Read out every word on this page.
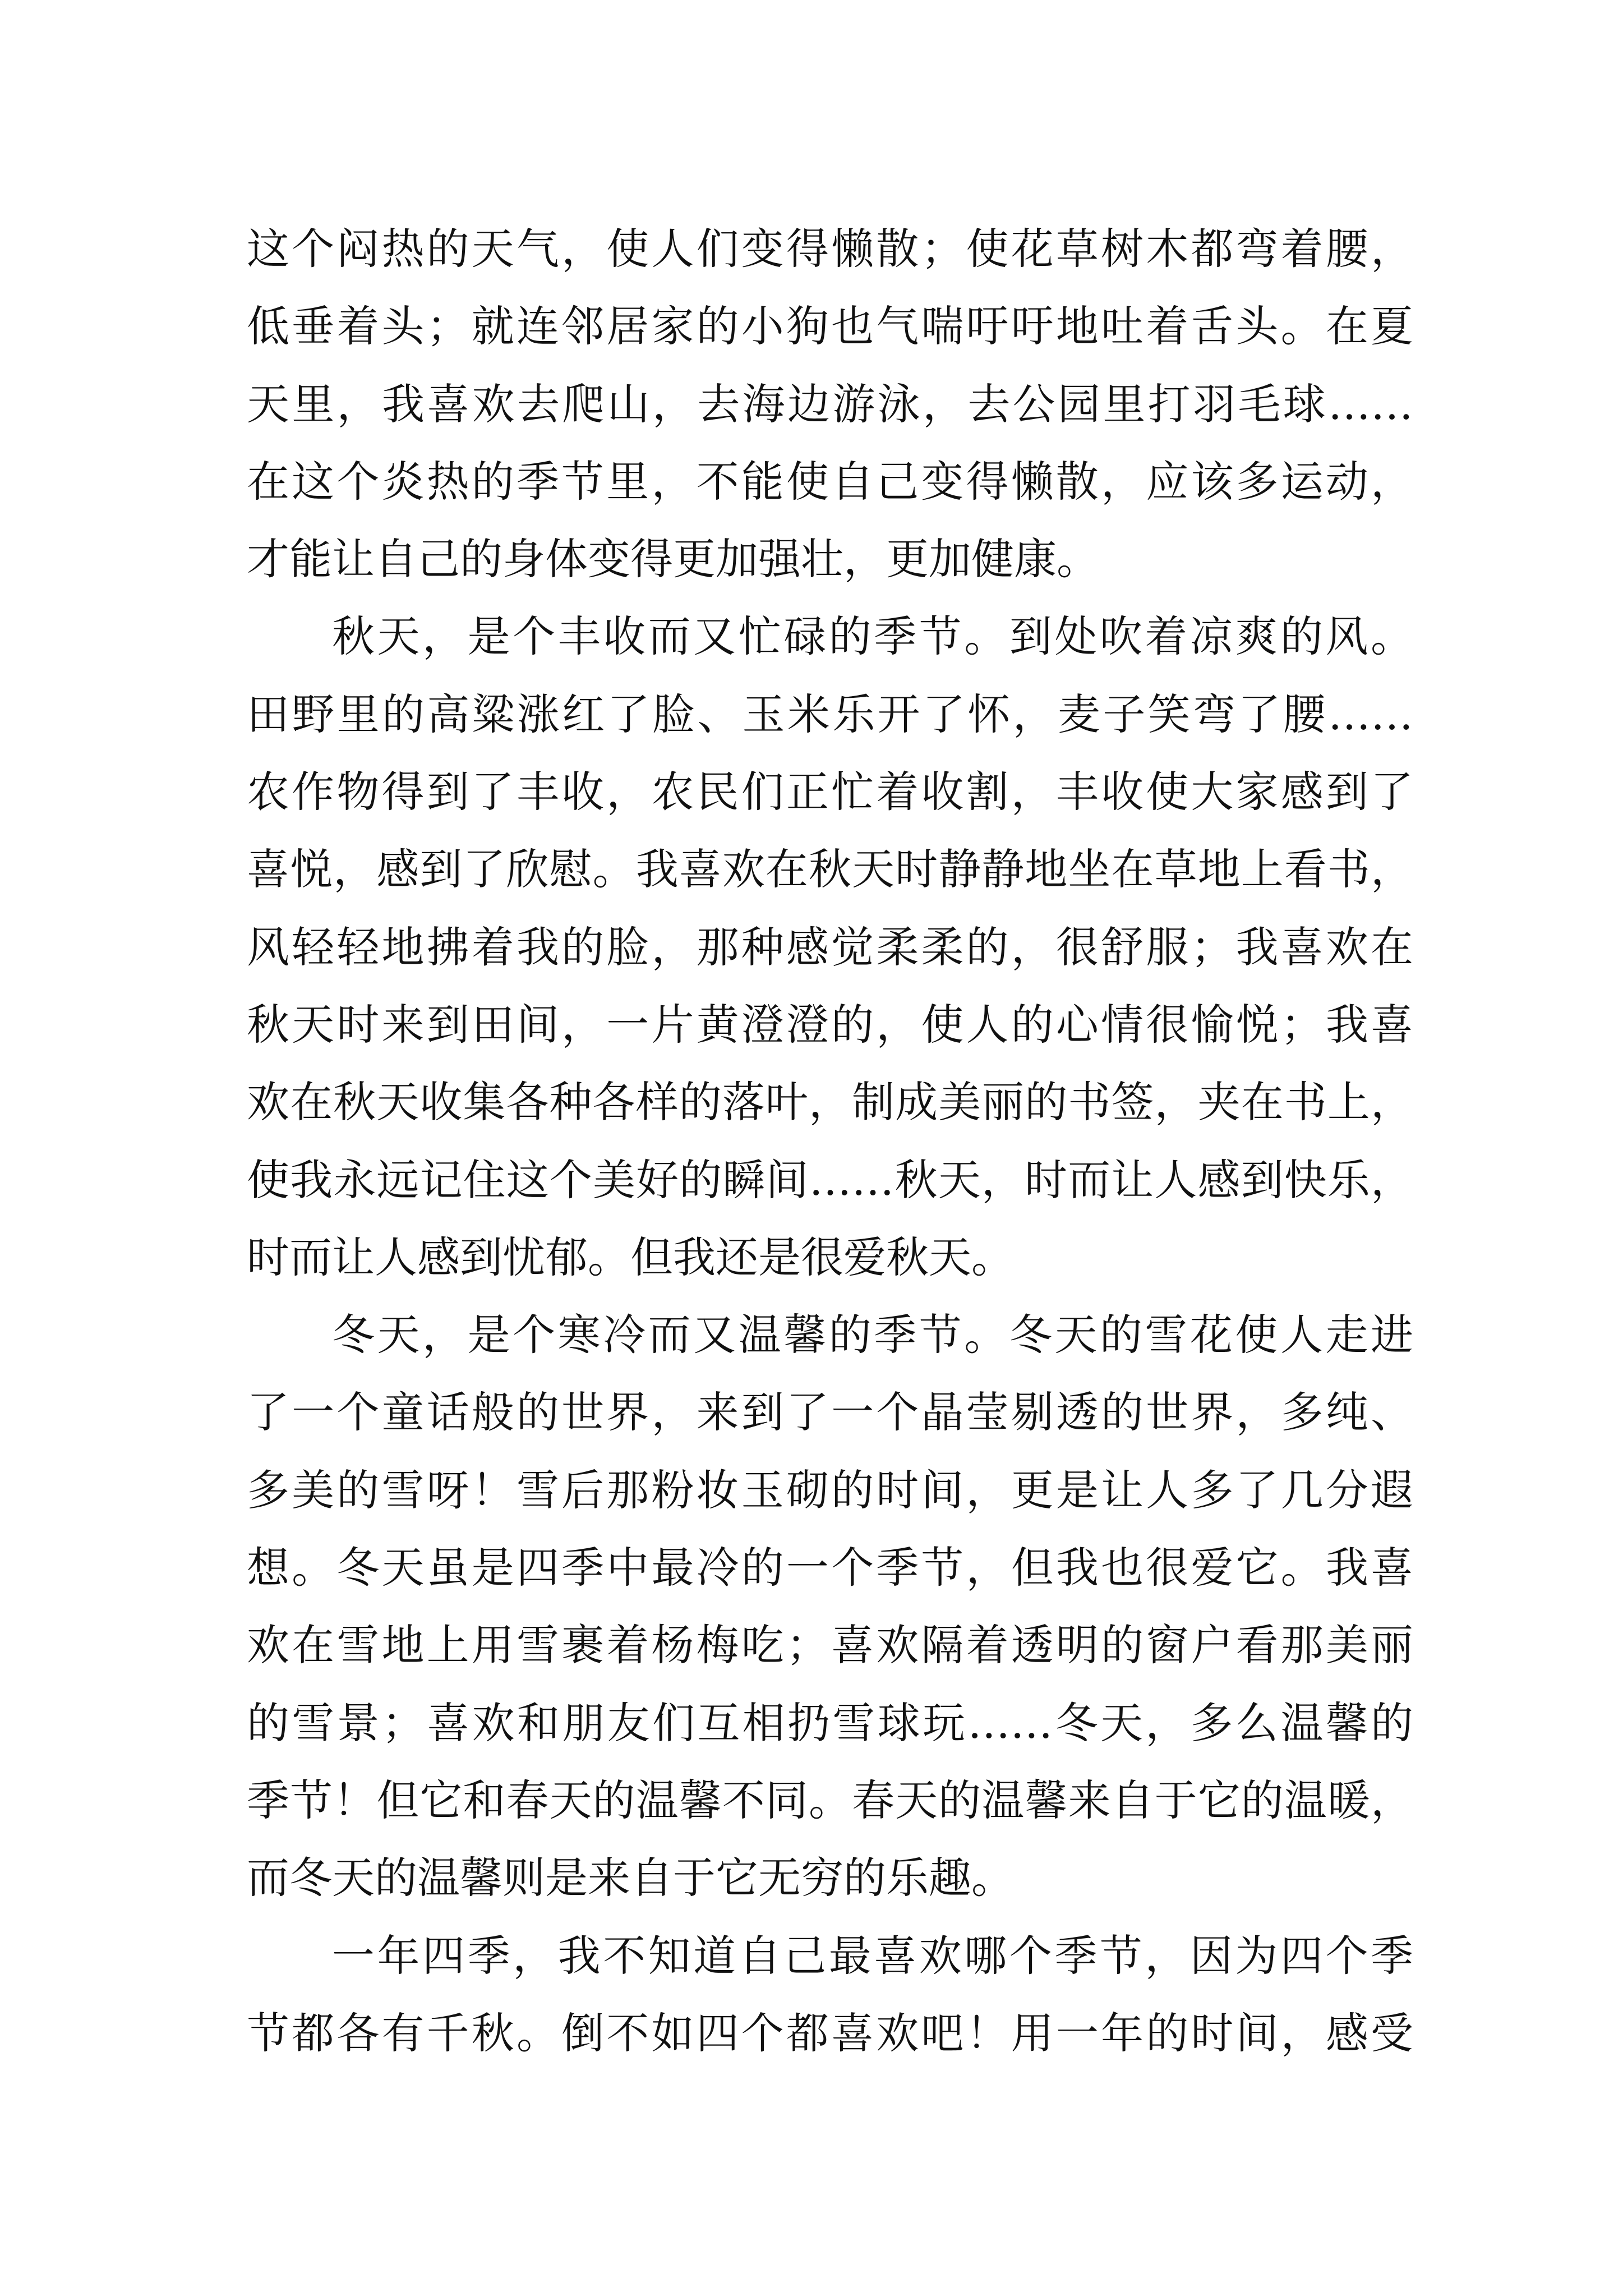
这个闷热的天气，使人们变得懒散；使花草树木都弯着腰，
低垂着头；就连邻居家的小狗也气喘吁吁地吐着舌头。在夏
天里，我喜欢去爬山，去海边游泳，去公园里打羽毛球……
在这个炎热的季节里，不能使自己变得懒散，应该多运动，
才能让自己的身体变得更加强壮，更加健康。
秋天，是个丰收而又忙碌的季节。到处吹着凉爽的风。
田野里的高粱涨红了脸、玉米乐开了怀，麦子笑弯了腰……
农作物得到了丰收，农民们正忙着收割，丰收使大家感到了
喜悦，感到了欣慰。我喜欢在秋天时静静地坐在草地上看书，
风轻轻地拂着我的脸，那种感觉柔柔的，很舒服；我喜欢在
秋天时来到田间，一片黄澄澄的，使人的心情很愉悦；我喜
欢在秋天收集各种各样的落叶，制成美丽的书签，夹在书上，
使我永远记住这个美好的瞬间……秋天，时而让人感到快乐，
时而让人感到忧郁。但我还是很爱秋天。
冬天，是个寒冷而又温馨的季节。冬天的雪花使人走进
了一个童话般的世界，来到了一个晶莹剔透的世界，多纯、
多美的雪呀！雪后那粉妆玉砌的时间，更是让人多了几分遐
想。冬天虽是四季中最冷的一个季节，但我也很爱它。我喜
欢在雪地上用雪裹着杨梅吃；喜欢隔着透明的窗户看那美丽
的雪景；喜欢和朋友们互相扔雪球玩……冬天，多么温馨的
季节！但它和春天的温馨不同。春天的温馨来自于它的温暖，
而冬天的温馨则是来自于它无穷的乐趣。
一年四季，我不知道自己最喜欢哪个季节，因为四个季
节都各有千秋。倒不如四个都喜欢吧！用一年的时间，感受
